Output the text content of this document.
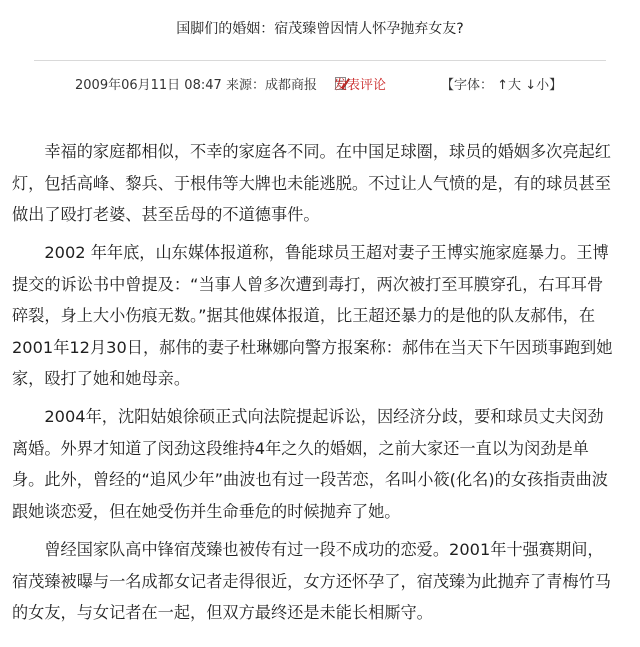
国脚们的婚姻：宿茂臻曾因情人怀孕抛弃女友?
2009年06月11日 08:47 来源：成都商报 发表评论	【字体： ↑大 ↓小】

　　幸福的家庭都相似，不幸的家庭各不同。在中国足球圈，球员的婚姻多次亮起红
灯，包括高峰、黎兵、于根伟等大牌也未能逃脱。不过让人气愤的是，有的球员甚至
做出了殴打老婆、甚至岳母的不道德事件。

　　2002 年年底，山东媒体报道称，鲁能球员王超对妻子王博实施家庭暴力。王博
提交的诉讼书中曾提及：“当事人曾多次遭到毒打，两次被打至耳膜穿孔，右耳耳骨
碎裂，身上大小伤痕无数。”据其他媒体报道，比王超还暴力的是他的队友郝伟，在
2001年12月30日，郝伟的妻子杜琳娜向警方报案称：郝伟在当天下午因琐事跑到她
家，殴打了她和她母亲。

　　2004年，沈阳姑娘徐硕正式向法院提起诉讼，因经济分歧，要和球员丈夫闵劲
离婚。外界才知道了闵劲这段维持4年之久的婚姻，之前大家还一直以为闵劲是单
身。此外，曾经的“追风少年”曲波也有过一段苦恋，名叫小筱(化名)的女孩指责曲波
跟她谈恋爱，但在她受伤并生命垂危的时候抛弃了她。

　　曾经国家队高中锋宿茂臻也被传有过一段不成功的恋爱。2001年十强赛期间，
宿茂臻被曝与一名成都女记者走得很近，女方还怀孕了，宿茂臻为此抛弃了青梅竹马
的女友，与女记者在一起，但双方最终还是未能长相厮守。
